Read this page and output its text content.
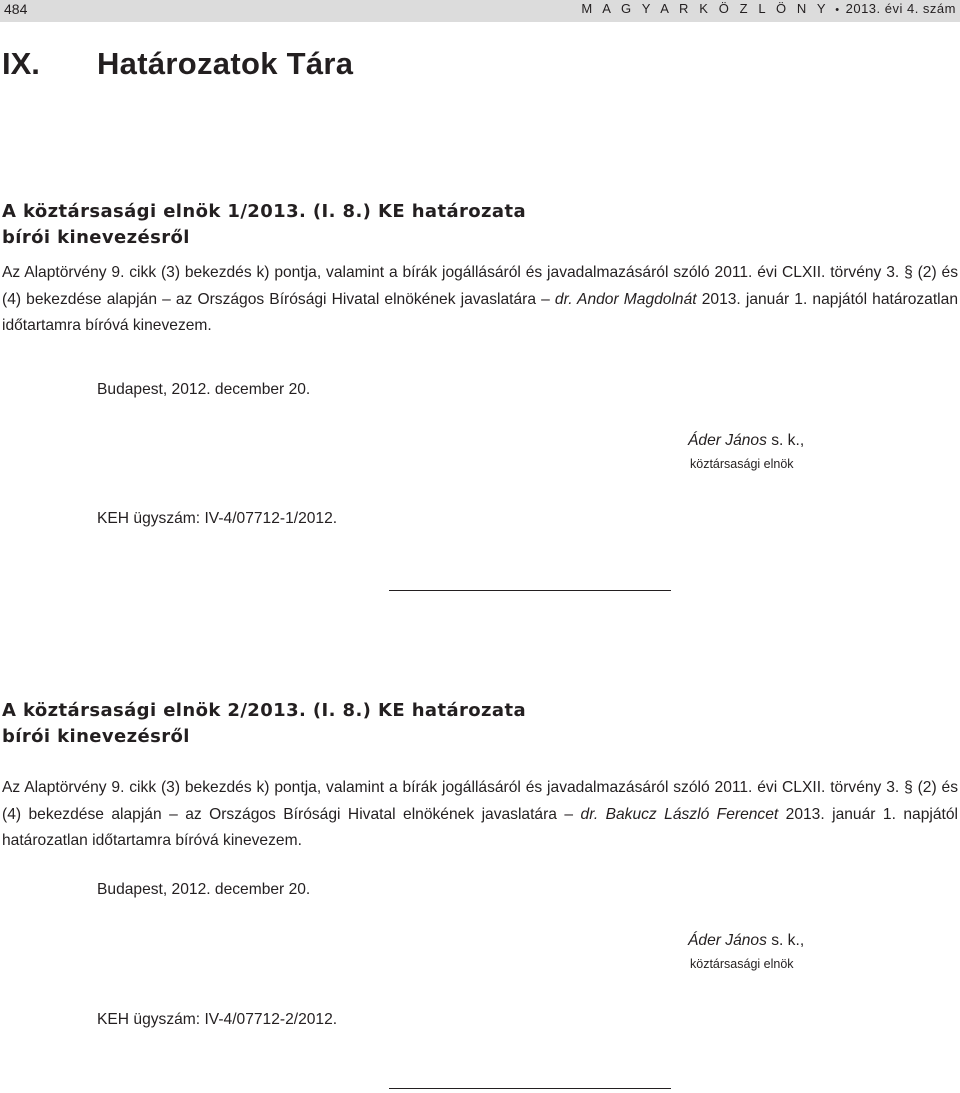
484	M A G Y A R K Ö Z L Ö N Y • 2013. évi 4. szám
IX. Határozatok Tára
A köztársasági elnök 1/2013. (I. 8.) KE határozata
bírói kinevezésről

Az Alaptörvény 9. cikk (3) bekezdés k) pontja, valamint a bírák jogállásáról és javadalmazásáról szóló 2011. évi CLXII. törvény 3. § (2) és (4) bekezdése alapján – az Országos Bírósági Hivatal elnökének javaslatára – dr. Andor Magdolnát 2013. január 1. napjától határozatlan időtartamra bíróvá kinevezem.

Budapest, 2012. december 20.
Áder János s. k.,
köztársasági elnök
KEH ügyszám: IV-4/07712-1/2012.
A köztársasági elnök 2/2013. (I. 8.) KE határozata
bírói kinevezésről

Az Alaptörvény 9. cikk (3) bekezdés k) pontja, valamint a bírák jogállásáról és javadalmazásáról szóló 2011. évi CLXII. törvény 3. § (2) és (4) bekezdése alapján – az Országos Bírósági Hivatal elnökének javaslatára – dr. Bakucz László Ferencet 2013. január 1. napjától határozatlan időtartamra bíróvá kinevezem.

Budapest, 2012. december 20.
Áder János s. k.,
köztársasági elnök
KEH ügyszám: IV-4/07712-2/2012.
